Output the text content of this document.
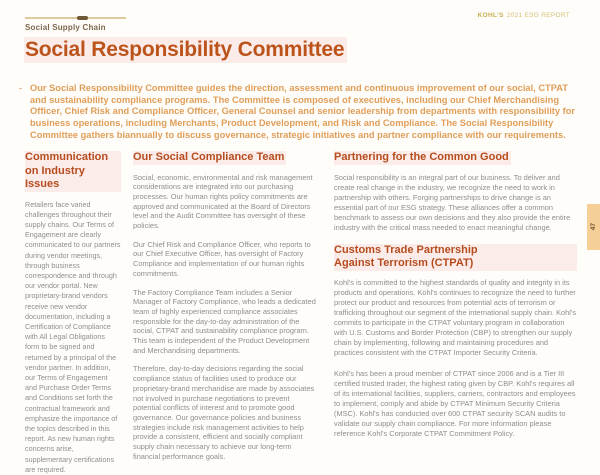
Social Supply Chain
KOHL'S 2021 ESG REPORT
Social Responsibility Committee
- Our Social Responsibility Committee guides the direction, assessment and continuous improvement of our social, CTPAT and sustainability compliance programs. The Committee is composed of executives, including our Chief Merchandising Officer, Chief Risk and Compliance Officer, General Counsel and senior leadership from departments with responsibility for business operations, including Merchants, Product Development, and Risk and Compliance. The Social Responsibility Committee gathers biannually to discuss governance, strategic initiatives and partner compliance with our requirements.

Communication
on Industry Issues

Retailers face varied challenges throughout their supply chains. Our Terms of Engagement are clearly communicated to our partners during vendor meetings, through business correspondence and through our vendor portal. New proprietary-brand vendors receive new vendor documentation, including a Certification of Compliance with All Legal Obligations form to be signed and returned by a principal of the vendor partner. In addition, our Terms of Engagement and Purchase Order Terms and Conditions set forth the contractual framework and emphasize the importance of the topics described in this report. As new human rights concerns arise, supplementary certifications are required.

Our Social Compliance Team

Social, economic, environmental and risk management considerations are integrated into our purchasing processes. Our human rights policy commitments are approved and communicated at the Board of Directors level and the Audit Committee has oversight of these policies.

Our Chief Risk and Compliance Officer, who reports to our Chief Executive Officer, has oversight of Factory Compliance and implementation of our human rights commitments.

The Factory Compliance Team includes a Senior Manager of Factory Compliance, who leads a dedicated team of highly experienced compliance associates responsible for the day-to-day administration of the social, CTPAT and sustainability compliance program. This team is independent of the Product Development and Merchandising departments.

Therefore, day-to-day decisions regarding the social compliance status of facilities used to produce our proprietary-brand merchandise are made by associates not involved in purchase negotiations to prevent potential conflicts of interest and to promote good governance. Our governance policies and business strategies include risk management activities to help provide a consistent, efficient and socially compliant supply chain necessary to achieve our long-term financial performance goals.

Partnering for the Common Good

Social responsibility is an integral part of our business. To deliver and create real change in the industry, we recognize the need to work in partnership with others. Forging partnerships to drive change is an essential part of our ESG strategy. These alliances offer a common benchmark to assess our own decisions and they also provide the entire industry with the critical mass needed to enact meaningful change.

Customs Trade Partnership
Against Terrorism (CTPAT)

Kohl's is committed to the highest standards of quality and integrity in its products and operations. Kohl's continues to recognize the need to further protect our product and resources from potential acts of terrorism or trafficking throughout our segment of the international supply chain. Kohl's commits to participate in the CTPAT voluntary program in collaboration with U.S. Customs and Border Protection (CBP) to strengthen our supply chain by implementing, following and maintaining procedures and practices consistent with the CTPAT Importer Security Criteria.

Kohl's has been a proud member of CTPAT since 2006 and is a Tier III certified trusted trader, the highest rating given by CBP. Kohl's requires all of its international facilities, suppliers, carriers, contractors and employees to implement, comply and abide by CTPAT Minimum Security Criteria (MSC). Kohl's has conducted over 600 CTPAT security SCAN audits to validate our supply chain compliance. For more information please reference Kohl's Corporate CTPAT Commitment Policy.

47
